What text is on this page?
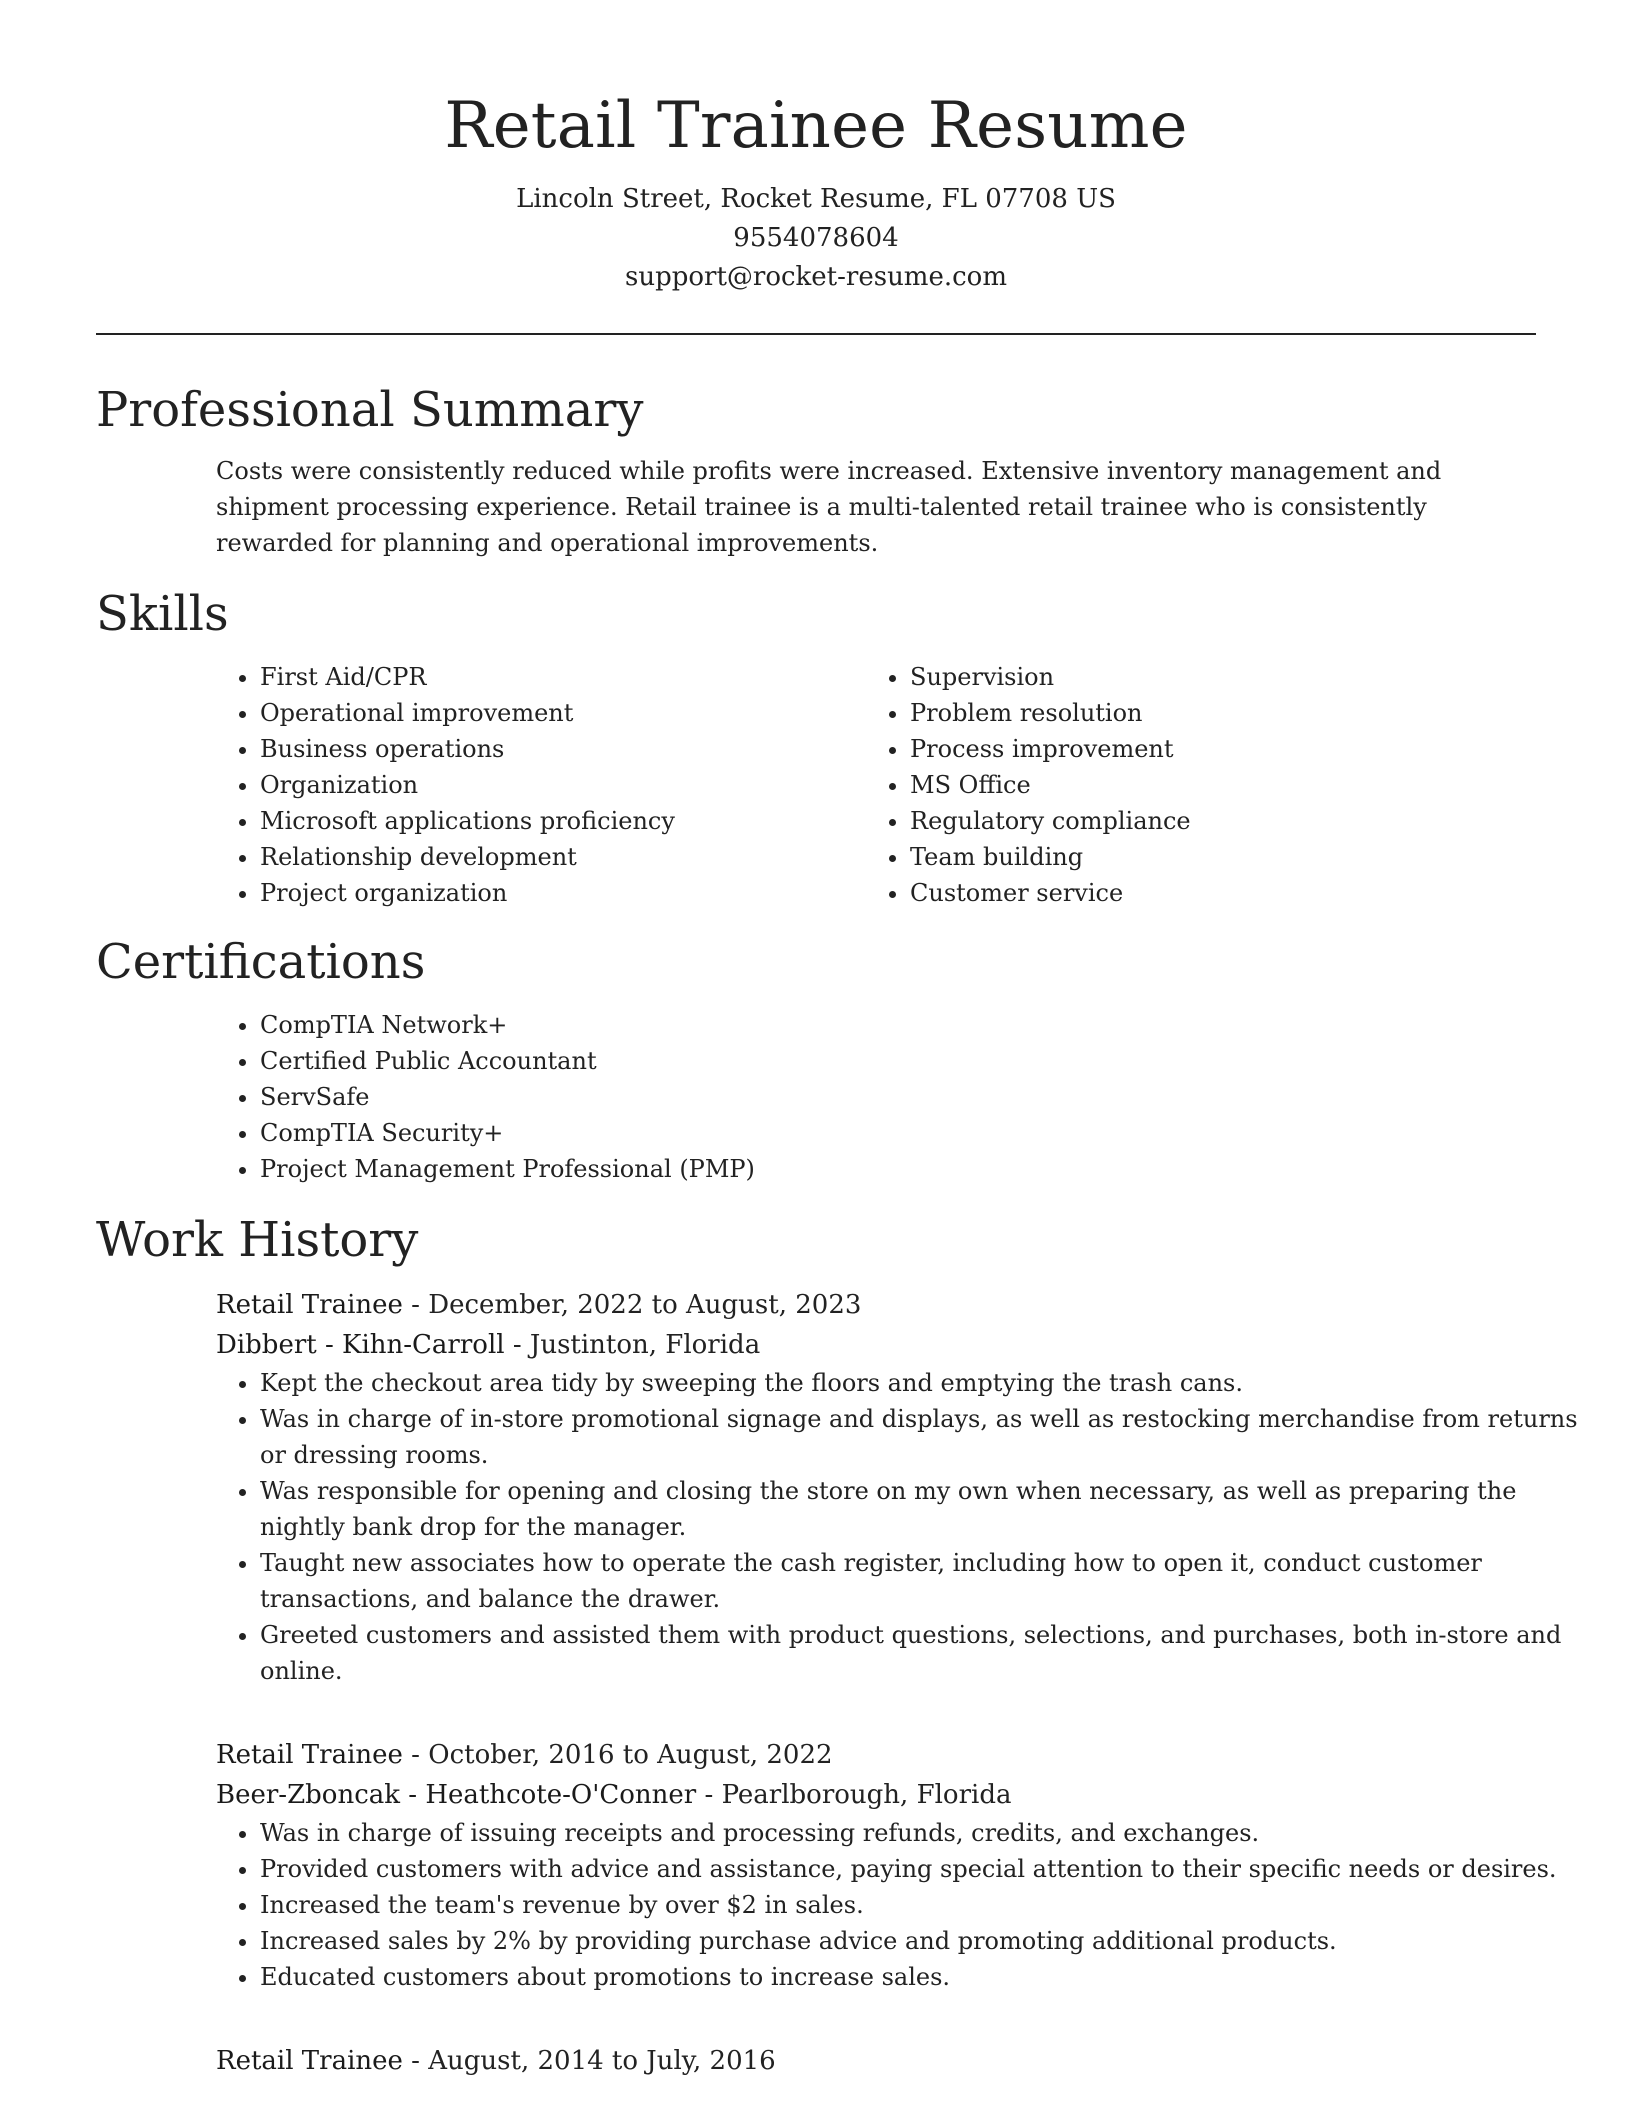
Retail Trainee Resume

Lincoln Street, Rocket Resume, FL 07708 US

9554078604

support@rocket-resume.com

Professional Summary

Costs were consistently reduced while profits were increased. Extensive inventory management and shipment processing experience. Retail trainee is a multi-talented retail trainee who is consistently rewarded for planning and operational improvements.

Skills
• First Aid/CPR
• Operational improvement
• Business operations
• Organization
• Microsoft applications proficiency
• Relationship development
• Project organization
• Supervision
• Problem resolution
• Process improvement
• MS Office
• Regulatory compliance
• Team building
• Customer service
Certifications
• CompTIA Network+
• Certified Public Accountant
• ServSafe
• CompTIA Security+
• Project Management Professional (PMP)
Work History
Retail Trainee - December, 2022 to August, 2023
Dibbert - Kihn-Carroll - Justinton, Florida
• Kept the checkout area tidy by sweeping the floors and emptying the trash cans.
• Was in charge of in-store promotional signage and displays, as well as restocking merchandise from returns or dressing rooms.
• Was responsible for opening and closing the store on my own when necessary, as well as preparing the nightly bank drop for the manager.
• Taught new associates how to operate the cash register, including how to open it, conduct customer transactions, and balance the drawer.
• Greeted customers and assisted them with product questions, selections, and purchases, both in-store and online.
Retail Trainee - October, 2016 to August, 2022
Beer-Zboncak - Heathcote-O'Conner - Pearlborough, Florida
• Was in charge of issuing receipts and processing refunds, credits, and exchanges.
• Provided customers with advice and assistance, paying special attention to their specific needs or desires.
• Increased the team's revenue by over $2 in sales.
• Increased sales by 2% by providing purchase advice and promoting additional products.
• Educated customers about promotions to increase sales.
Retail Trainee - August, 2014 to July, 2016
